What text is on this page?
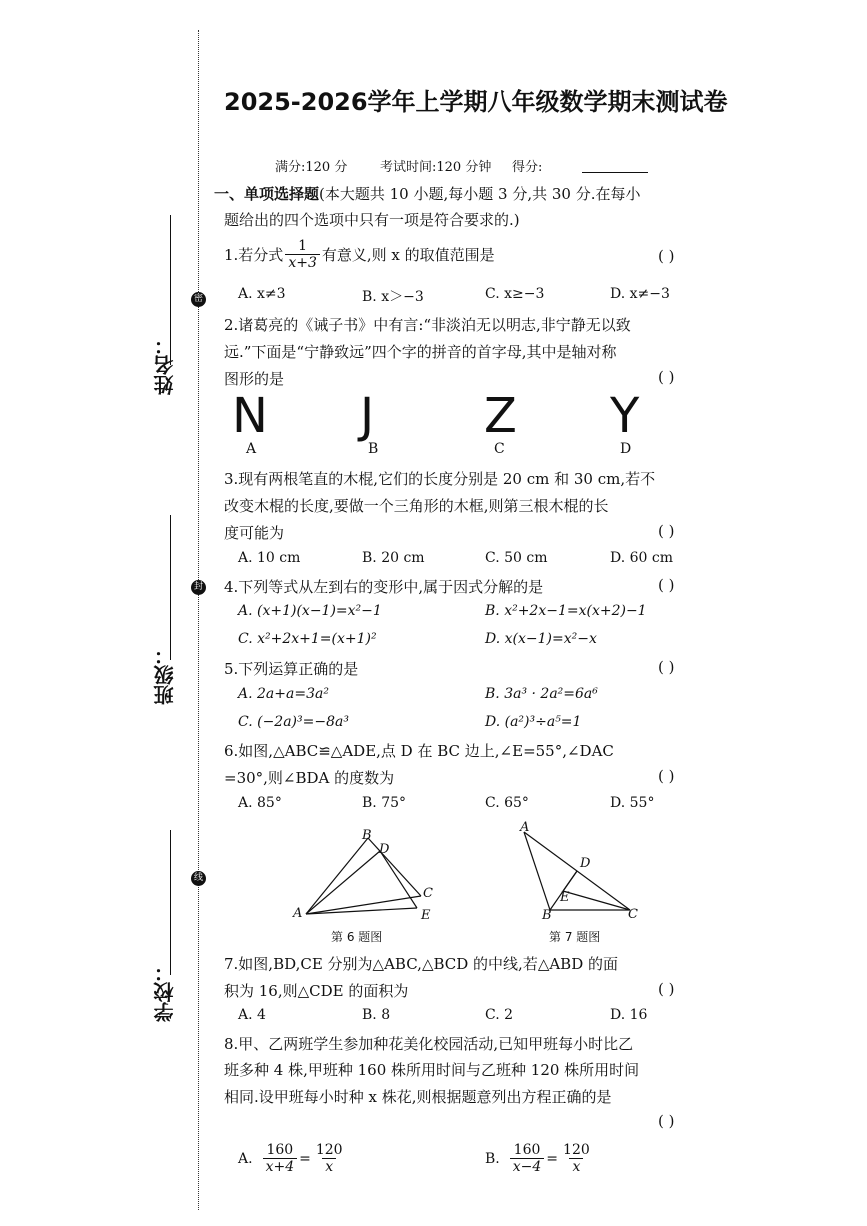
姓名：
班级：
学校：
密
封
线
2025-2026学年上学期八年级数学期末测试卷
满分:120 分	考试时间:120 分钟 得分:
一、单项选择题(本大题共 10 小题,每小题 3 分,共 30 分.在每小
题给出的四个选项中只有一项是符合要求的.)
1.若分式 $\frac{1}{x+3}$ 有意义,则 x 的取值范围是	( )
A. x≠3	B. x＞−3	C. x≥−3	D. x≠−3
2.诸葛亮的《诫子书》中有言:“非淡泊无以明志,非宁静无以致
远.”下面是“宁静致远”四个字的拼音的首字母,其中是轴对称
图形的是	( )
N J Z Y
A	B	C	D
3.现有两根笔直的木棍,它们的长度分别是 20 cm 和 30 cm,若不
改变木棍的长度,要做一个三角形的木框,则第三根木棍的长
度可能为	( )
A. 10 cm	B. 20 cm	C. 50 cm	D. 60 cm
4.下列等式从左到右的变形中,属于因式分解的是	( )
A. (x+1)(x−1)=x²−1	B. x²+2x−1=x(x+2)−1
C. x²+2x+1=(x+1)²	D. x(x−1)=x²−x
5.下列运算正确的是	( )
A. 2a+a=3a²	B. 3a³ · 2a²=6a⁶
C. (−2a)³=−8a³	D. (a²)³÷a⁵=1
6.如图,△ABC≌△ADE,点 D 在 BC 边上,∠E=55°,∠DAC
=30°,则∠BDA 的度数为	( )
A. 85°	B. 75°	C. 65°	D. 55°
A
B
C
D
E
第 6 题图
A
B	C
D
E
第 7 题图
7.如图,BD,CE 分别为△ABC,△BCD 的中线,若△ABD 的面
积为 16,则△CDE 的面积为	( )
A. 4	B. 8	C. 2	D. 16
8.甲、乙两班学生参加种花美化校园活动,已知甲班每小时比乙
班多种 4 株,甲班种 160 株所用时间与乙班种 120 株所用时间
相同.设甲班每小时种 x 株花,则根据题意列出方程正确的是
( )
A. $\frac{160}{x+4} = \frac{120}{x}$	B. $\frac{160}{x-4} = \frac{120}{x}$
